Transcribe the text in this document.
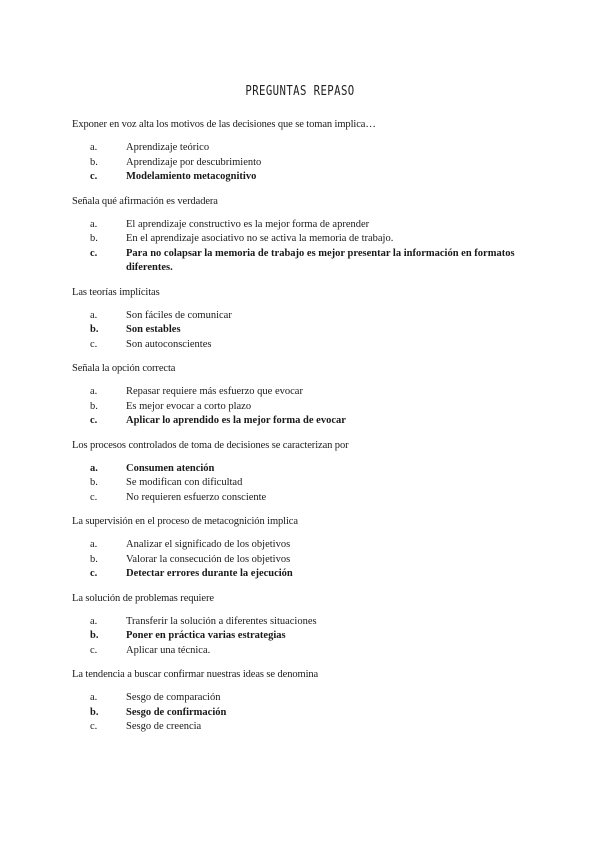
PREGUNTAS REPASO

Exponer en voz alta los motivos de las decisiones que se toman implica…

a.	Aprendizaje teórico
b.	Aprendizaje por descubrimiento
c.	Modelamiento metacognitivo

Señala qué afirmación es verdadera

a.	El aprendizaje constructivo es la mejor forma de aprender
b.	En el aprendizaje asociativo no se activa la memoria de trabajo.
c.	Para no colapsar la memoria de trabajo es mejor presentar la información en formatos diferentes.

Las teorías implícitas

a.	Son fáciles de comunicar
b.	Son estables
c.	Son autoconscientes

Señala la opción correcta

a.	Repasar requiere más esfuerzo que evocar
b.	Es mejor evocar a corto plazo
c.	Aplicar lo aprendido es la mejor forma de evocar

Los procesos controlados de toma de decisiones se caracterizan por

a.	Consumen atención
b.	Se modifican con dificultad
c.	No requieren esfuerzo consciente

La supervisión en el proceso de metacognición implica

a.	Analizar el significado de los objetivos
b.	Valorar la consecución de los objetivos
c.	Detectar errores durante la ejecución

La solución de problemas requiere

a.	Transferir la solución a diferentes situaciones
b.	Poner en práctica varias estrategias
c.	Aplicar una técnica.

La tendencia a buscar confirmar nuestras ideas se denomina

a.	Sesgo de comparación
b.	Sesgo de confirmación
c.	Sesgo de creencia
